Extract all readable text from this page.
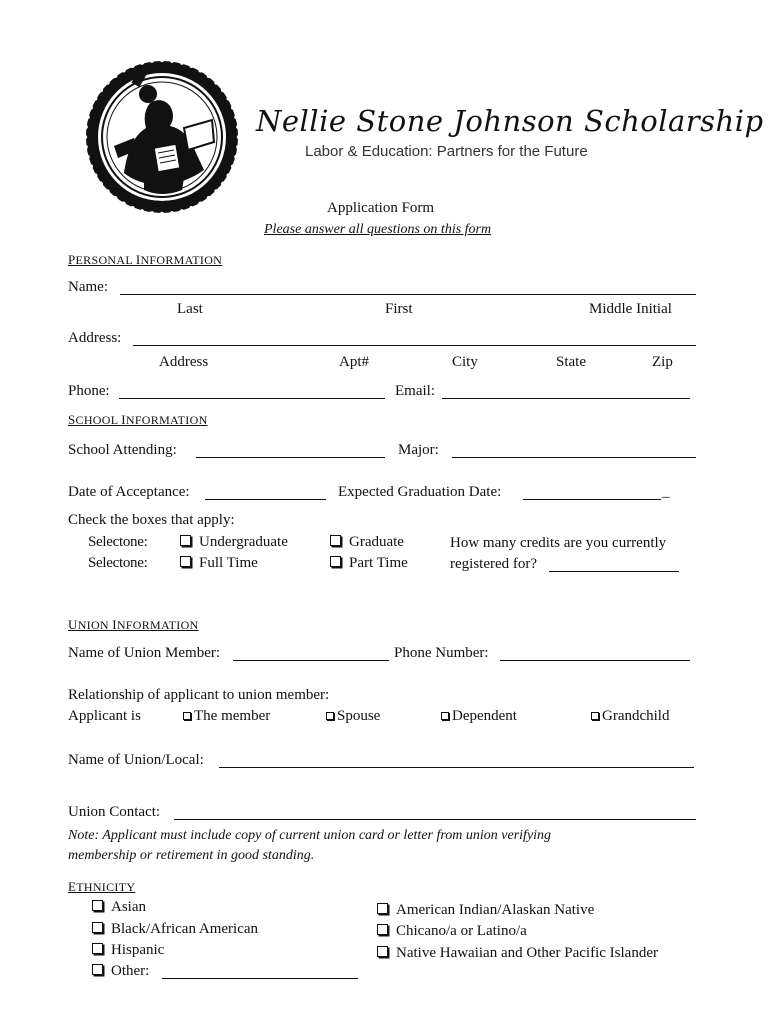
Nellie Stone Johnson Scholarship
Labor & Education: Partners for the Future
Application Form
Please answer all questions on this form
PERSONAL INFORMATION
Name:
Last	First	Middle Initial
Address:
Address	Apt#	City	State	Zip
Phone:	Email:
SCHOOL INFORMATION
School Attending:	Major:
Date of Acceptance:	Expected Graduation Date:	_
Check the boxes that apply:
Selectone:	Undergraduate	Graduate	How many credits are you currently
Selectone:	Full Time	Part Time	registered for?
UNION INFORMATION
Name of Union Member:	Phone Number:
Relationship of applicant to union member:
Applicant is	The member	Spouse	Dependent	Grandchild
Name of Union/Local:
Union Contact:
Note: Applicant must include copy of current union card or letter from union verifying
membership or retirement in good standing.
ETHNICITY
Asian
Black/African American
Hispanic
Other:
American Indian/Alaskan Native
Chicano/a or Latino/a
Native Hawaiian and Other Pacific Islander
